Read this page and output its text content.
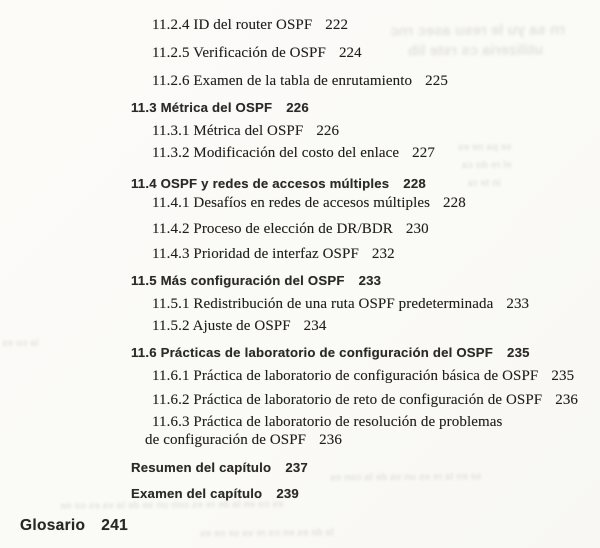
rn sa yu le resu asec rnc
utilizeria cs rste lib
se pa ne es
el re do ca
in te ra
la co es
se en la re es un va de la con es
es co en la de re es con un se de la va es co ne
la de es en co re va se ne es
11.2.4 ID del router OSPF 222
11.2.5 Verificación de OSPF 224
11.2.6 Examen de la tabla de enrutamiento 225
11.3 Métrica del OSPF 226
11.3.1 Métrica del OSPF 226
11.3.2 Modificación del costo del enlace 227
11.4 OSPF y redes de accesos múltiples 228
11.4.1 Desafíos en redes de accesos múltiples 228
11.4.2 Proceso de elección de DR/BDR 230
11.4.3 Prioridad de interfaz OSPF 232
11.5 Más configuración del OSPF 233
11.5.1 Redistribución de una ruta OSPF predeterminada 233
11.5.2 Ajuste de OSPF 234
11.6 Prácticas de laboratorio de configuración del OSPF 235
11.6.1 Práctica de laboratorio de configuración básica de OSPF 235
11.6.2 Práctica de laboratorio de reto de configuración de OSPF 236
11.6.3 Práctica de laboratorio de resolución de problemas
de configuración de OSPF 236
Resumen del capítulo 237
Examen del capítulo 239
Glosario 241
